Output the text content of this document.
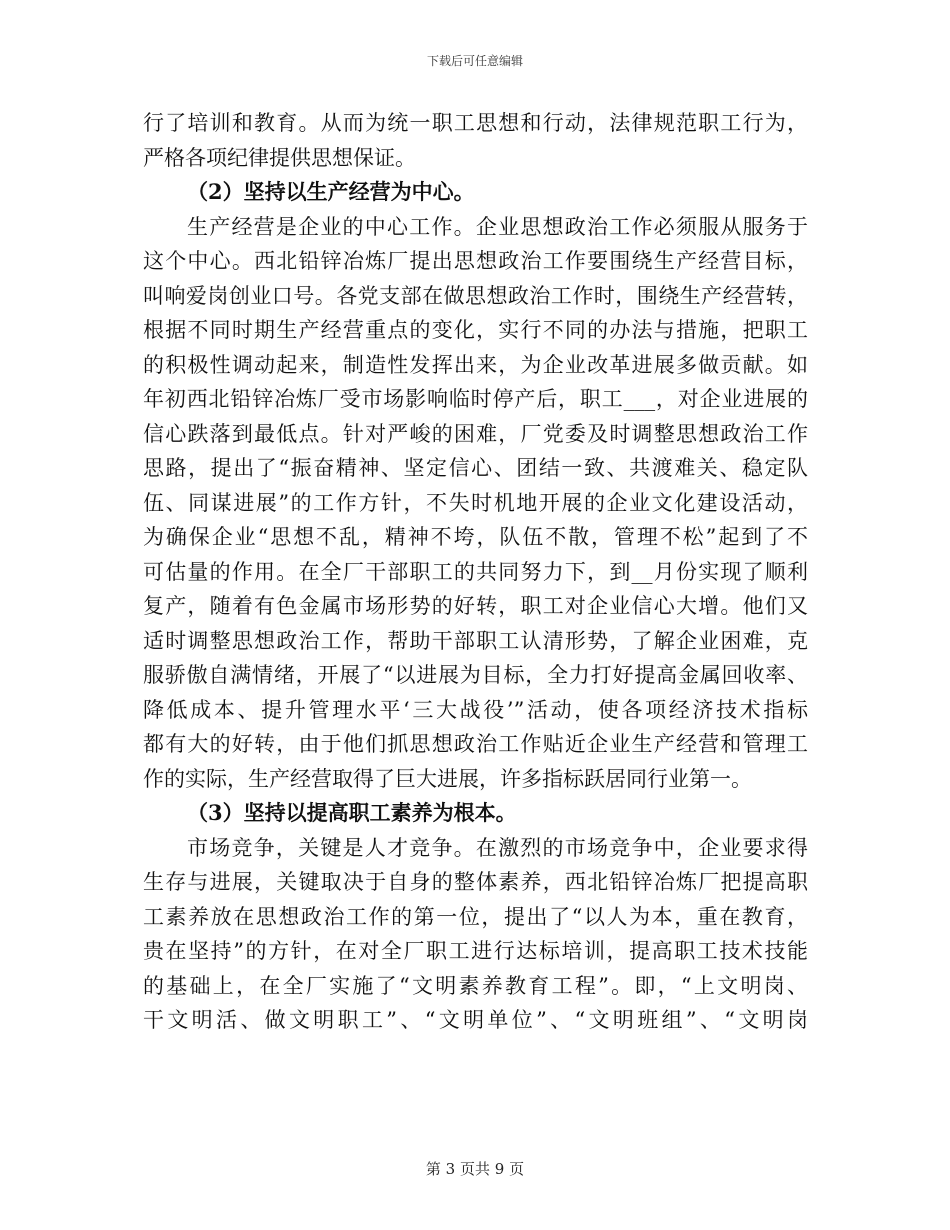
下载后可任意编辑
行了培训和教育。从而为统一职工思想和行动，法律规范职工行为，
严格各项纪律提供思想保证。
（2）坚持以生产经营为中心。
生产经营是企业的中心工作。企业思想政治工作必须服从服务于
这个中心。西北铅锌冶炼厂提出思想政治工作要围绕生产经营目标，
叫响爱岗创业口号。各党支部在做思想政治工作时，围绕生产经营转，
根据不同时期生产经营重点的变化，实行不同的办法与措施，把职工
的积极性调动起来，制造性发挥出来，为企业改革进展多做贡献。如
年初西北铅锌冶炼厂受市场影响临时停产后，职工___，对企业进展的
信心跌落到最低点。针对严峻的困难，厂党委及时调整思想政治工作
思路，提出了“振奋精神、坚定信心、团结一致、共渡难关、稳定队
伍、同谋进展”的工作方针，不失时机地开展的企业文化建设活动，
为确保企业“思想不乱，精神不垮，队伍不散，管理不松”起到了不
可估量的作用。在全厂干部职工的共同努力下，到__月份实现了顺利
复产，随着有色金属市场形势的好转，职工对企业信心大增。他们又
适时调整思想政治工作，帮助干部职工认清形势，了解企业困难，克
服骄傲自满情绪，开展了“以进展为目标，全力打好提高金属回收率、
降低成本、提升管理水平‘三大战役’”活动，使各项经济技术指标
都有大的好转，由于他们抓思想政治工作贴近企业生产经营和管理工
作的实际，生产经营取得了巨大进展，许多指标跃居同行业第一。
（3）坚持以提高职工素养为根本。
市场竞争，关键是人才竞争。在激烈的市场竞争中，企业要求得
生存与进展，关键取决于自身的整体素养，西北铅锌冶炼厂把提高职
工素养放在思想政治工作的第一位，提出了“以人为本，重在教育，
贵在坚持”的方针，在对全厂职工进行达标培训，提高职工技术技能
的基础上，在全厂实施了“文明素养教育工程”。即，“上文明岗、
干文明活、做文明职工”、“文明单位”、“文明班组”、“文明岗
第 3 页共 9 页
